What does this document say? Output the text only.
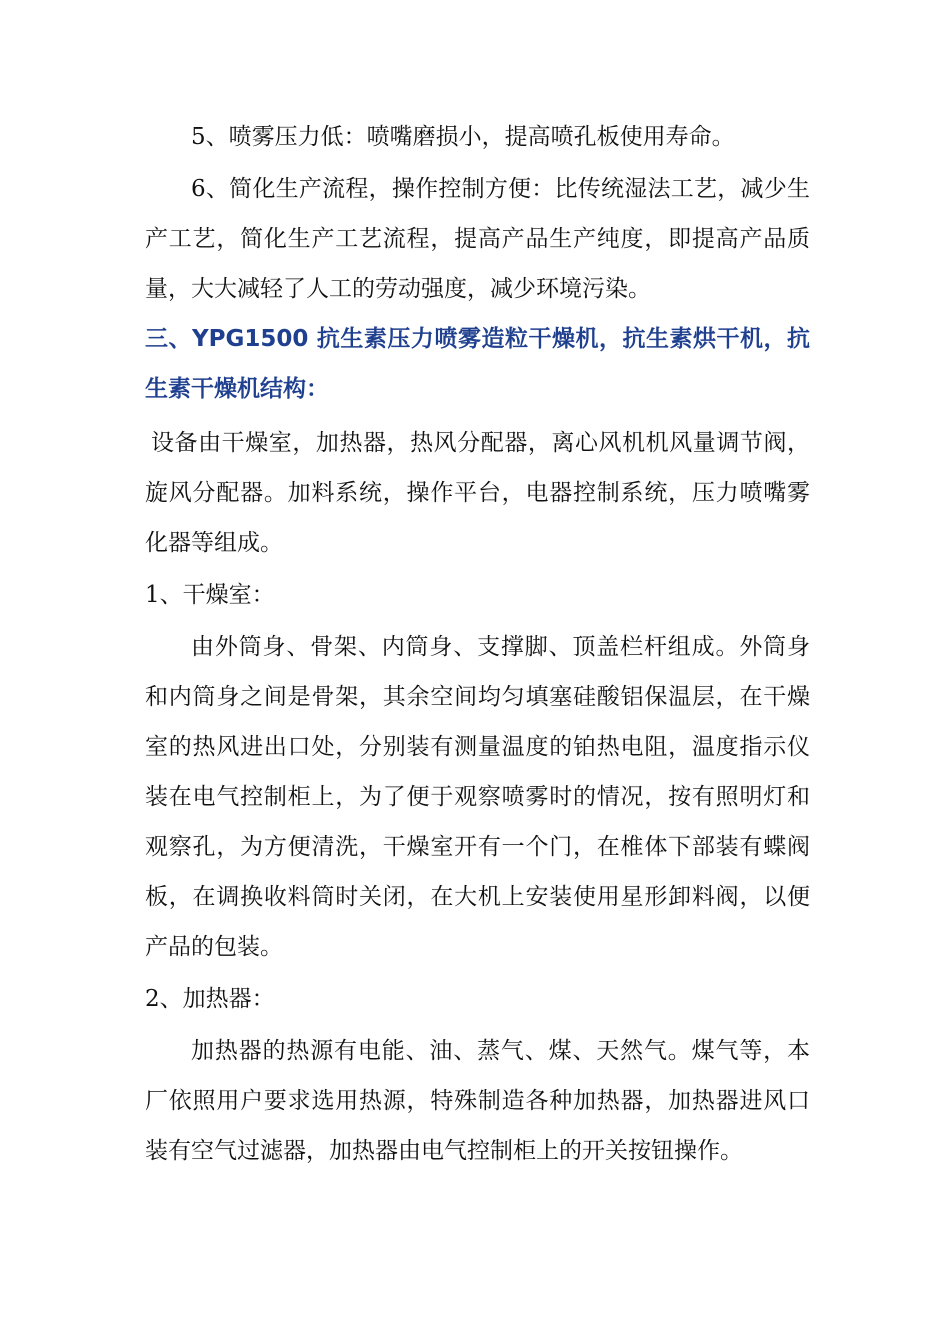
5、喷雾压力低：喷嘴磨损小，提高喷孔板使用寿命。

6、简化生产流程，操作控制方便：比传统湿法工艺，减少生产工艺，简化生产工艺流程，提高产品生产纯度，即提高产品质量，大大减轻了人工的劳动强度，减少环境污染。

三、YPG1500 抗生素压力喷雾造粒干燥机，抗生素烘干机，抗生素干燥机结构：

设备由干燥室，加热器，热风分配器，离心风机机风量调节阀，旋风分配器。加料系统，操作平台，电器控制系统，压力喷嘴雾化器等组成。

1、干燥室：

由外筒身、骨架、内筒身、支撑脚、顶盖栏杆组成。外筒身和内筒身之间是骨架，其余空间均匀填塞硅酸铝保温层，在干燥室的热风进出口处，分别装有测量温度的铂热电阻，温度指示仪装在电气控制柜上，为了便于观察喷雾时的情况，按有照明灯和观察孔，为方便清洗，干燥室开有一个门，在椎体下部装有蝶阀板，在调换收料筒时关闭，在大机上安装使用星形卸料阀，以便产品的包装。

2、加热器：

加热器的热源有电能、油、蒸气、煤、天然气。煤气等，本厂依照用户要求选用热源，特殊制造各种加热器，加热器进风口装有空气过滤器，加热器由电气控制柜上的开关按钮操作。
